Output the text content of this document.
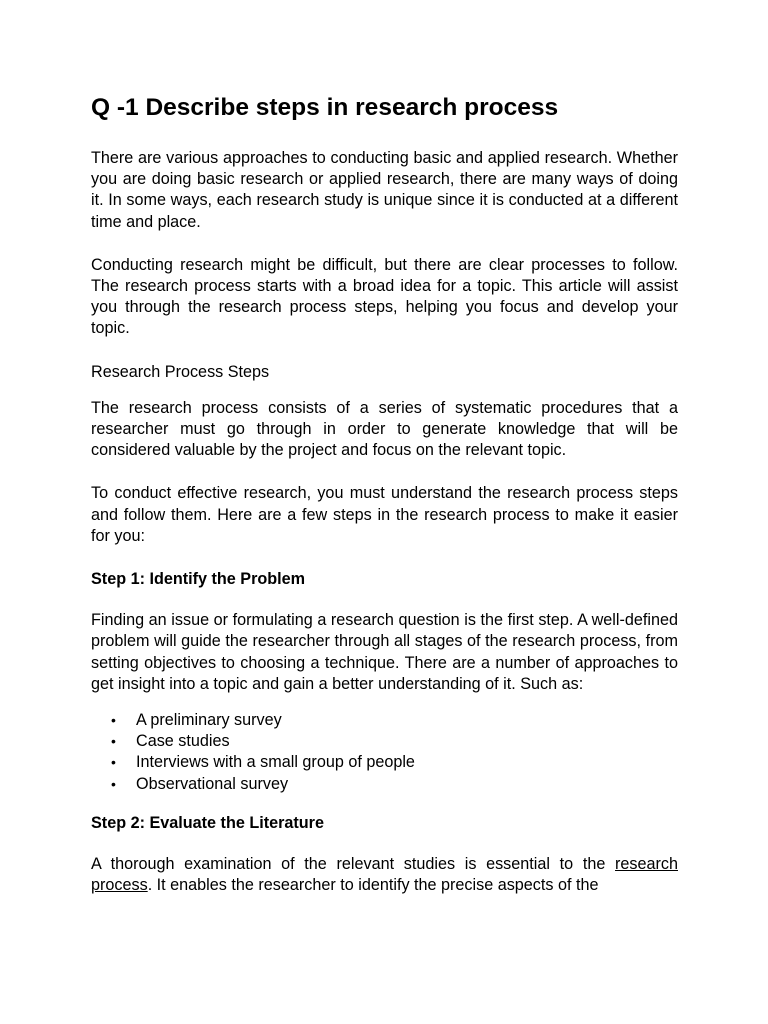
Q -1 Describe steps in research process

There are various approaches to conducting basic and applied research. Whether you are doing basic research or applied research, there are many ways of doing it. In some ways, each research study is unique since it is conducted at a different time and place.

Conducting research might be difficult, but there are clear processes to follow. The research process starts with a broad idea for a topic. This article will assist you through the research process steps, helping you focus and develop your topic.

Research Process Steps

The research process consists of a series of systematic procedures that a researcher must go through in order to generate knowledge that will be considered valuable by the project and focus on the relevant topic.

To conduct effective research, you must understand the research process steps and follow them. Here are a few steps in the research process to make it easier for you:

Step 1: Identify the Problem

Finding an issue or formulating a research question is the first step. A well-defined problem will guide the researcher through all stages of the research process, from setting objectives to choosing a technique. There are a number of approaches to get insight into a topic and gain a better understanding of it. Such as:

• A preliminary survey
• Case studies
• Interviews with a small group of people
• Observational survey
Step 2: Evaluate the Literature

A thorough examination of the relevant studies is essential to the research process. It enables the researcher to identify the precise aspects of the
